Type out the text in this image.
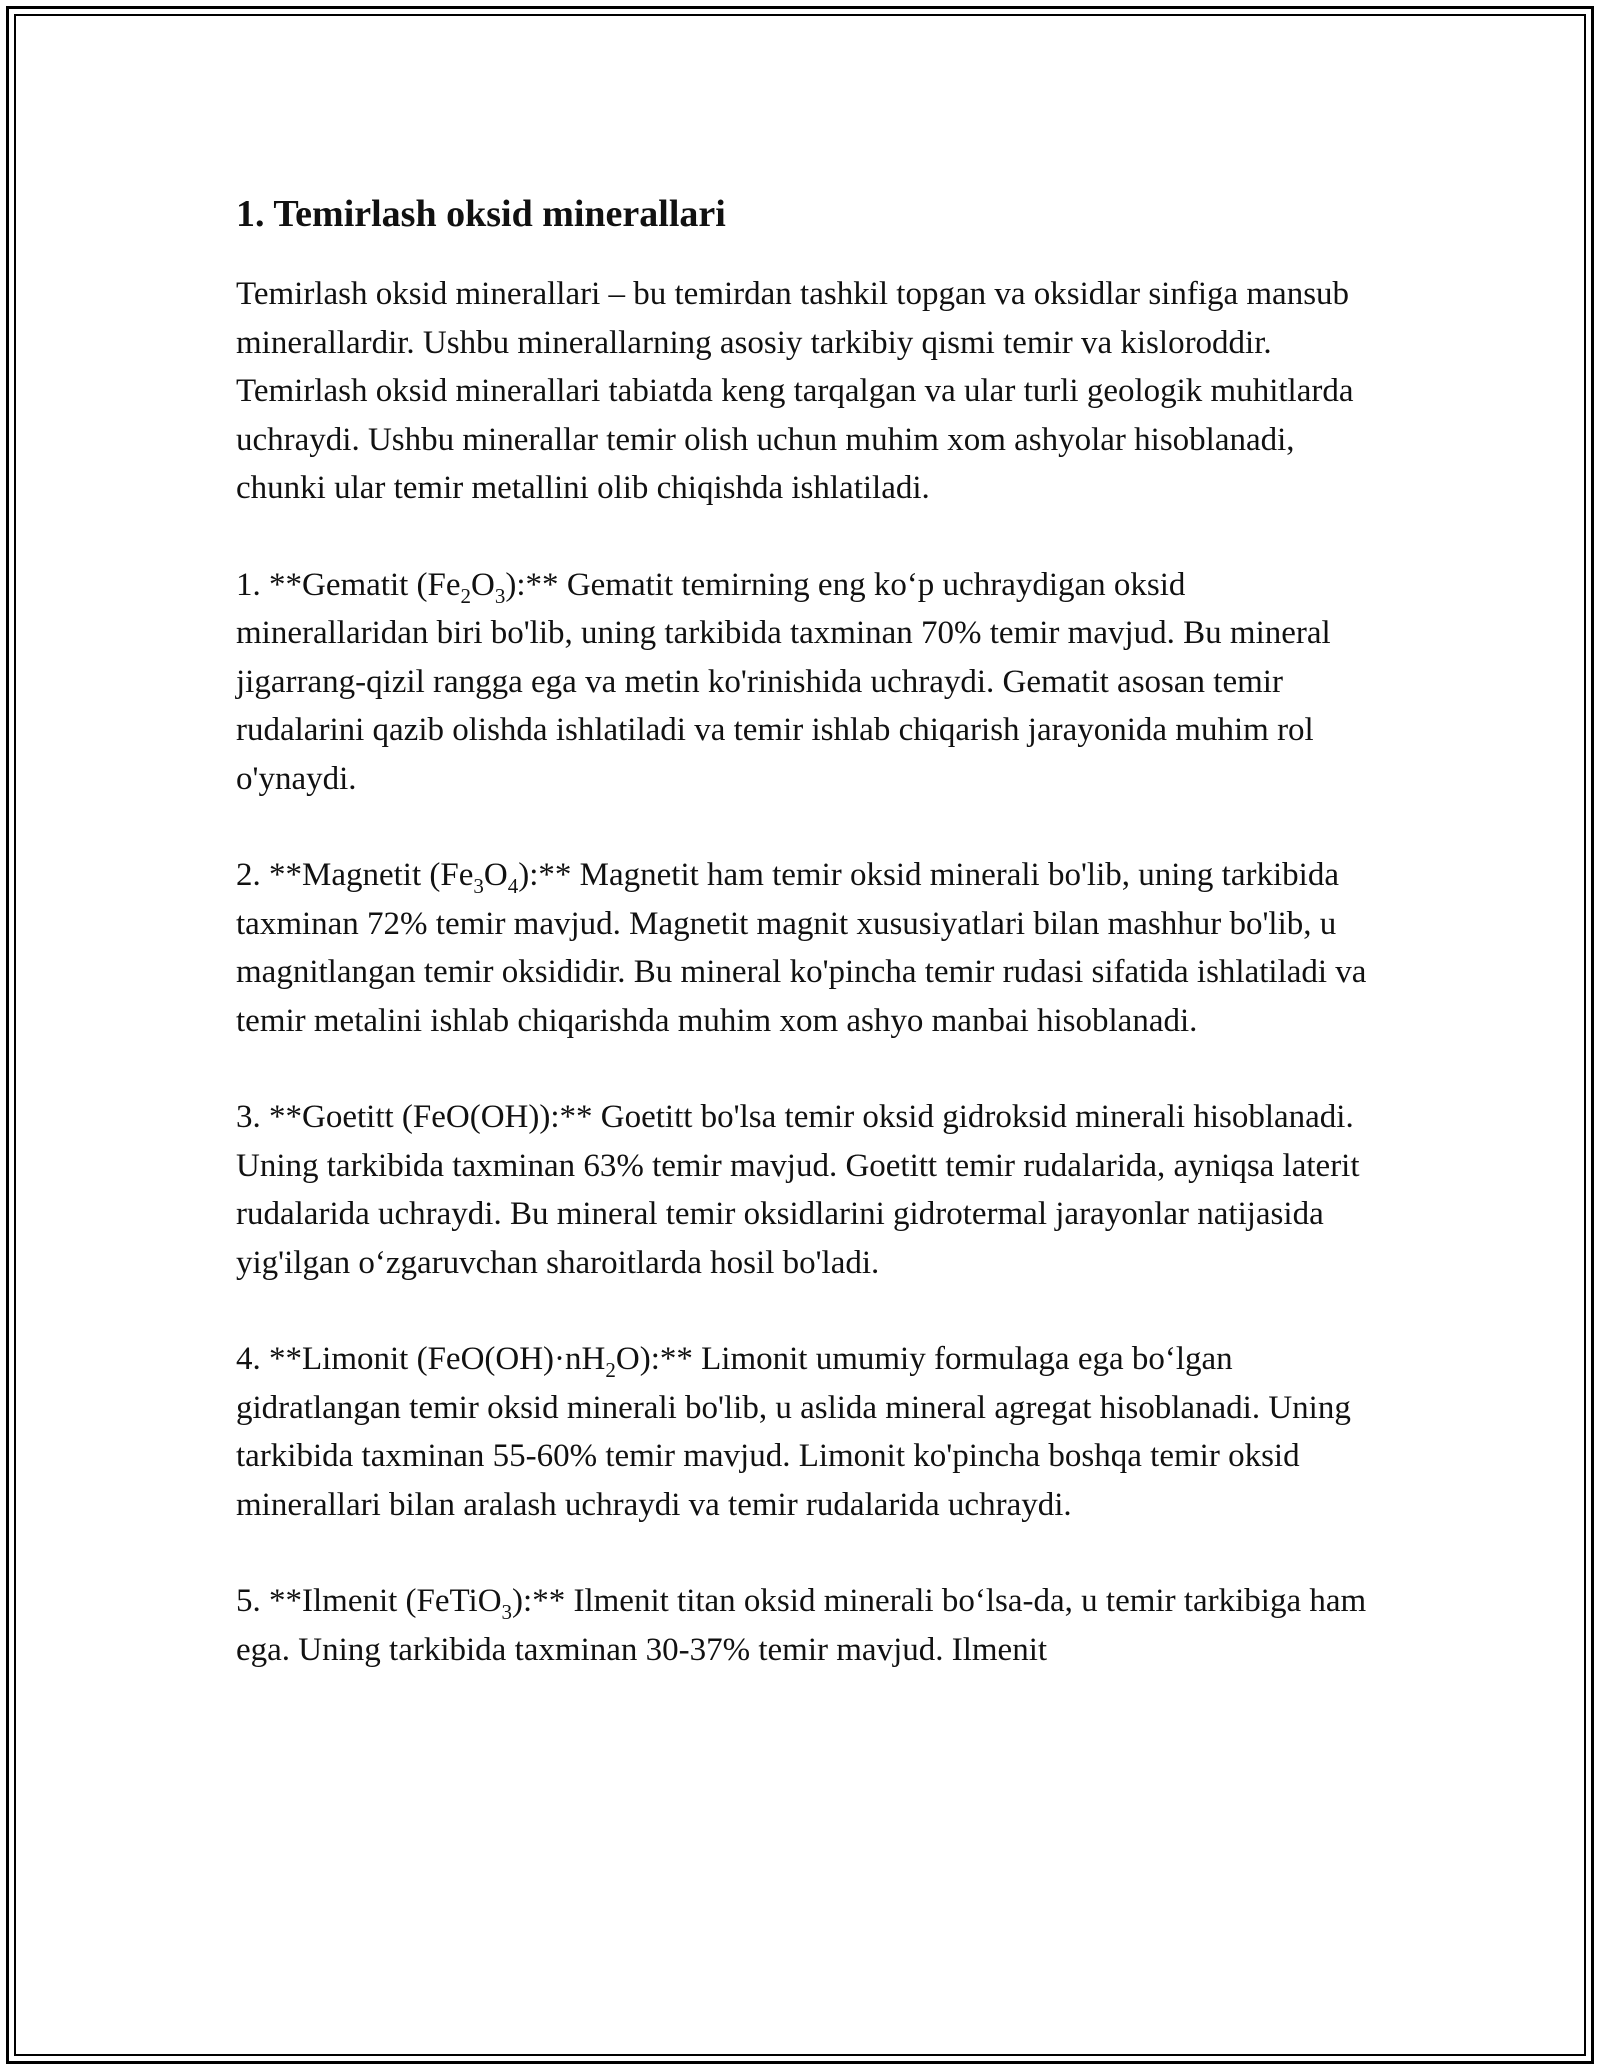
1. Temirlash oksid minerallari

Temirlash oksid minerallari – bu temirdan tashkil topgan va oksidlar sinfiga mansub minerallardir. Ushbu minerallarning asosiy tarkibiy qismi temir va kisloroddir. Temirlash oksid minerallari tabiatda keng tarqalgan va ular turli geologik muhitlarda uchraydi. Ushbu minerallar temir olish uchun muhim xom ashyolar hisoblanadi, chunki ular temir metallini olib chiqishda ishlatiladi.

1. **Gematit $(Fe_2O_3):**$ Gematit temirning eng ko‘p uchraydigan oksid minerallaridan biri bo'lib, uning tarkibida taxminan 70% temir mavjud. Bu mineral jigarrang-qizil rangga ega va metin ko'rinishida uchraydi. Gematit asosan temir rudalarini qazib olishda ishlatiladi va temir ishlab chiqarish jarayonida muhim rol o'ynaydi.

2. **Magnetit $(Fe_3O_4):**$ Magnetit ham temir oksid minerali bo'lib, uning tarkibida taxminan 72% temir mavjud. Magnetit magnit xususiyatlari bilan mashhur bo'lib, u magnitlangan temir oksididir. Bu mineral ko'pincha temir rudasi sifatida ishlatiladi va temir metalini ishlab chiqarishda muhim xom ashyo manbai hisoblanadi.

3. **Goetitt (FeO(OH)):** Goetitt bo'lsa temir oksid gidroksid minerali hisoblanadi. Uning tarkibida taxminan 63% temir mavjud. Goetitt temir rudalarida, ayniqsa laterit rudalarida uchraydi. Bu mineral temir oksidlarini gidrotermal jarayonlar natijasida yig'ilgan o‘zgaruvchan sharoitlarda hosil bo'ladi.

4. **Limonit $(FeO(OH)\cdot nH_2O):**$ Limonit umumiy formulaga ega bo‘lgan gidratlangan temir oksid minerali bo'lib, u aslida mineral agregat hisoblanadi. Uning tarkibida taxminan 55-60% temir mavjud. Limonit ko'pincha boshqa temir oksid minerallari bilan aralash uchraydi va temir rudalarida uchraydi.

5. **Ilmenit (FeTiO$_3$):** Ilmenit titan oksid minerali bo‘lsa-da, u temir tarkibiga ham ega. Uning tarkibida taxminan 30-37% temir mavjud. Ilmenit
